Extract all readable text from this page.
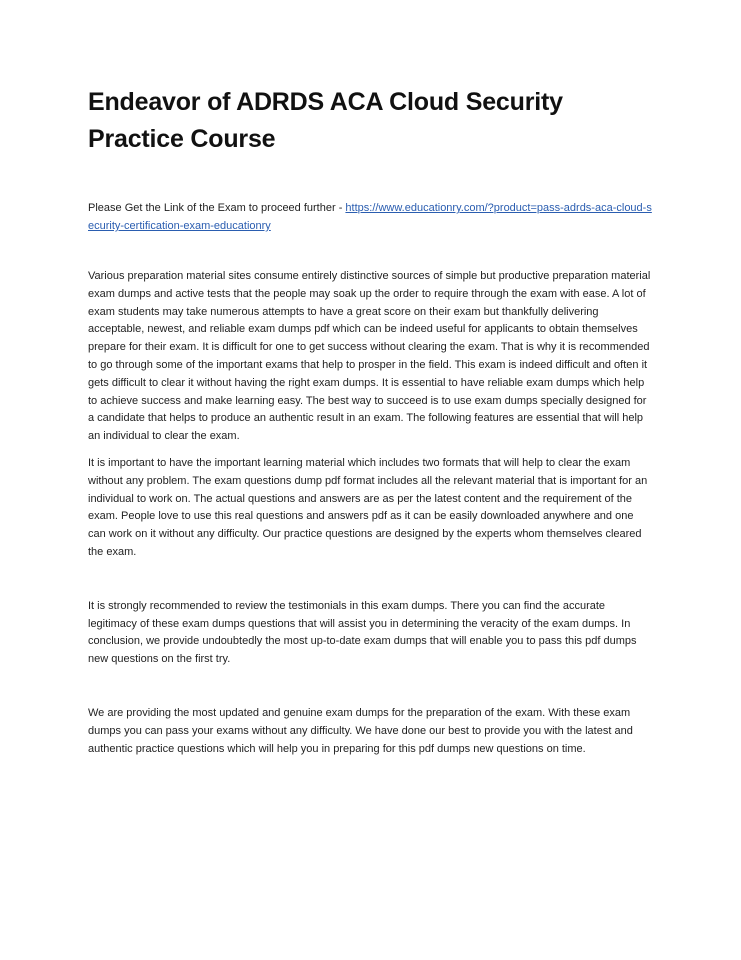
Endeavor of ADRDS ACA Cloud Security Practice Course

Please Get the Link of the Exam to proceed further - https://www.educationry.com/?product=pass-adrds-aca-cloud-security-certification-exam-educationry

Various preparation material sites consume entirely distinctive sources of simple but productive preparation material exam dumps and active tests that the people may soak up the order to require through the exam with ease. A lot of exam students may take numerous attempts to have a great score on their exam but thankfully delivering acceptable, newest, and reliable exam dumps pdf which can be indeed useful for applicants to obtain themselves prepare for their exam. It is difficult for one to get success without clearing the exam. That is why it is recommended to go through some of the important exams that help to prosper in the field. This exam is indeed difficult and often it gets difficult to clear it without having the right exam dumps. It is essential to have reliable exam dumps which help to achieve success and make learning easy. The best way to succeed is to use exam dumps specially designed for a candidate that helps to produce an authentic result in an exam. The following features are essential that will help an individual to clear the exam.

It is important to have the important learning material which includes two formats that will help to clear the exam without any problem. The exam questions dump pdf format includes all the relevant material that is important for an individual to work on. The actual questions and answers are as per the latest content and the requirement of the exam. People love to use this real questions and answers pdf as it can be easily downloaded anywhere and one can work on it without any difficulty. Our practice questions are designed by the experts whom themselves cleared the exam.

It is strongly recommended to review the testimonials in this exam dumps. There you can find the accurate legitimacy of these exam dumps questions that will assist you in determining the veracity of the exam dumps. In conclusion, we provide undoubtedly the most up-to-date exam dumps that will enable you to pass this pdf dumps new questions on the first try.

We are providing the most updated and genuine exam dumps for the preparation of the exam. With these exam dumps you can pass your exams without any difficulty. We have done our best to provide you with the latest and authentic practice questions which will help you in preparing for this pdf dumps new questions on time.
